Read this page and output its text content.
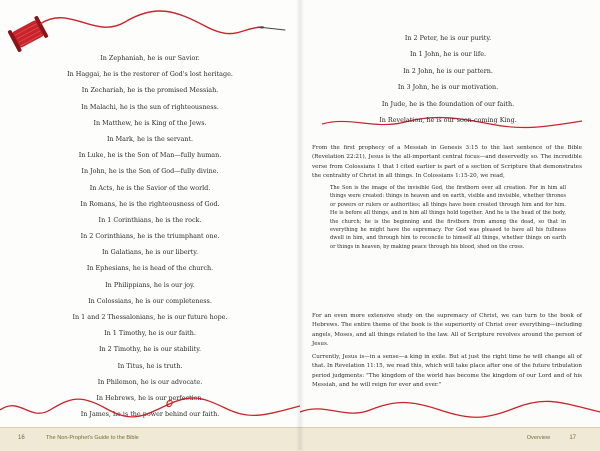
In Zephaniah, he is our Savior.
In Haggai, he is the restorer of God's lost heritage.
In Zechariah, he is the promised Messiah.
In Malachi, he is the sun of righteousness.
In Matthew, he is King of the Jews.
In Mark, he is the servant.
In Luke, he is the Son of Man—fully human.
In John, he is the Son of God—fully divine.
In Acts, he is the Savior of the world.
In Romans, he is the righteousness of God.
In 1 Corinthians, he is the rock.
In 2 Corinthians, he is the triumphant one.
In Galatians, he is our liberty.
In Ephesians, he is head of the church.
In Philippians, he is our joy.
In Colossians, he is our completeness.
In 1 and 2 Thessalonians, he is our future hope.
In 1 Timothy, he is our faith.
In 2 Timothy, he is our stability.
In Titus, he is truth.
In Philemon, he is our advocate.
In Hebrews, he is our perfection.
In James, he is the power behind our faith.
16	The Non-Prophet's Guide to the Bible	Overview	17
In 2 Peter, he is our purity.
In 1 John, he is our life.
In 2 John, he is our pattern.
In 3 John, he is our motivation.
In Jude, he is the foundation of our faith.
In Revelation, he is our soon-coming King.

From the first prophecy of a Messiah in Genesis 3:15 to the last sentence of the Bible (Revelation 22:21), Jesus is the all-important central focus—and deservedly so. The incredible verse from Colossians 1 that I cited earlier is part of a section of Scripture that demonstrates the centrality of Christ in all things. In Colossians 1:15-20, we read,

The Son is the image of the invisible God, the firstborn over all creation. For in him all things were created: things in heaven and on earth, visible and invisible, whether thrones or powers or rulers or authorities; all things have been created through him and for him. He is before all things, and in him all things hold together. And he is the head of the body, the church; he is the beginning and the firstborn from among the dead, so that in everything he might have the supremacy. For God was pleased to have all his fullness dwell in him, and through him to reconcile to himself all things, whether things on earth or things in heaven, by making peace through his blood, shed on the cross.

For an even more extensive study on the supremacy of Christ, we can turn to the book of Hebrews. The entire theme of the book is the superiority of Christ over everything—including angels, Moses, and all things related to the law. All of Scripture revolves around the person of Jesus.

Currently, Jesus is—in a sense—a king in exile. But at just the right time he will change all of that. In Revelation 11:15, we read this, which will take place after one of the future tribulation period judgments: "The kingdom of the world has become the kingdom of our Lord and of his Messiah, and he will reign for ever and ever."
